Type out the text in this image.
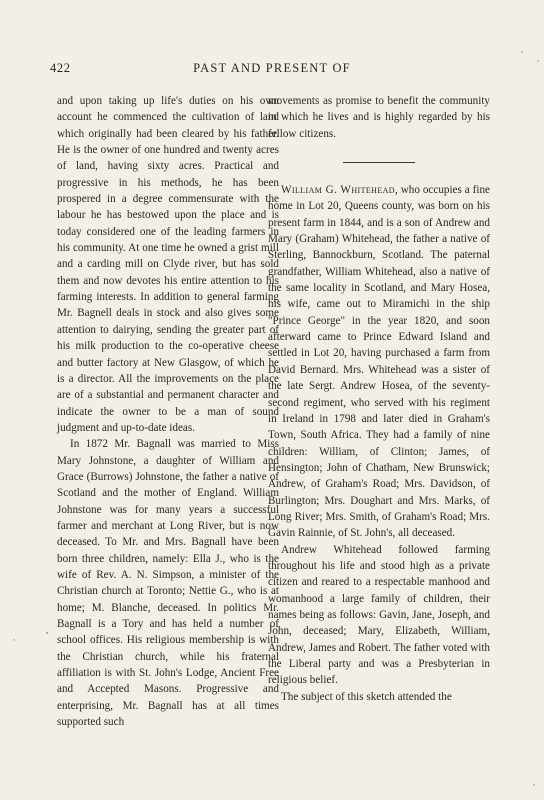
422	PAST AND PRESENT OF

and upon taking up life's duties on his own account he commenced the cultivation of land which originally had been cleared by his father. He is the owner of one hundred and twenty acres of land, having sixty acres. Practical and progressive in his methods, he has been prospered in a degree commensurate with the labour he has bestowed upon the place and is today considered one of the leading farmers in his community. At one time he owned a grist mill and a carding mill on Clyde river, but has sold them and now devotes his entire attention to his farming interests. In addition to general farming Mr. Bagnell deals in stock and also gives some attention to dairying, sending the greater part of his milk production to the co-operative cheese and butter factory at New Glasgow, of which he is a director. All the improvements on the place are of a substantial and permanent character and indicate the owner to be a man of sound judgment and up-to-date ideas.

In 1872 Mr. Bagnall was married to Miss Mary Johnstone, a daughter of William and Grace (Burrows) Johnstone, the father a native of Scotland and the mother of England. William Johnstone was for many years a successful farmer and merchant at Long River, but is now deceased. To Mr. and Mrs. Bagnall have been born three children, namely: Ella J., who is the wife of Rev. A. N. Simpson, a minister of the Christian church at Toronto; Nettie G., who is at home; M. Blanche, deceased. In politics Mr. Bagnall is a Tory and has held a number of school offices. His religious membership is with the Christian church, while his fraternal affiliation is with St. John's Lodge, Ancient Free and Accepted Masons. Progressive and enterprising, Mr. Bagnall has at all times supported such

movements as promise to benefit the community in which he lives and is highly regarded by his fellow citizens.

William G. Whitehead, who occupies a fine home in Lot 20, Queens county, was born on his present farm in 1844, and is a son of Andrew and Mary (Graham) Whitehead, the father a native of Sterling, Bannockburn, Scotland. The paternal grandfather, William Whitehead, also a native of the same locality in Scotland, and Mary Hosea, his wife, came out to Miramichi in the ship "Prince George" in the year 1820, and soon afterward came to Prince Edward Island and settled in Lot 20, having purchased a farm from David Bernard. Mrs. Whitehead was a sister of the late Sergt. Andrew Hosea, of the seventy-second regiment, who served with his regiment in Ireland in 1798 and later died in Graham's Town, South Africa. They had a family of nine children: William, of Clinton; James, of Hensington; John of Chatham, New Brunswick; Andrew, of Graham's Road; Mrs. Davidson, of Burlington; Mrs. Doughart and Mrs. Marks, of Long River; Mrs. Smith, of Graham's Road; Mrs. Gavin Rainnie, of St. John's, all deceased.

Andrew Whitehead followed farming throughout his life and stood high as a private citizen and reared to a respectable manhood and womanhood a large family of children, their names being as follows: Gavin, Jane, Joseph, and John, deceased; Mary, Elizabeth, William, Andrew, James and Robert. The father voted with the Liberal party and was a Presbyterian in religious belief.

The subject of this sketch attended the
